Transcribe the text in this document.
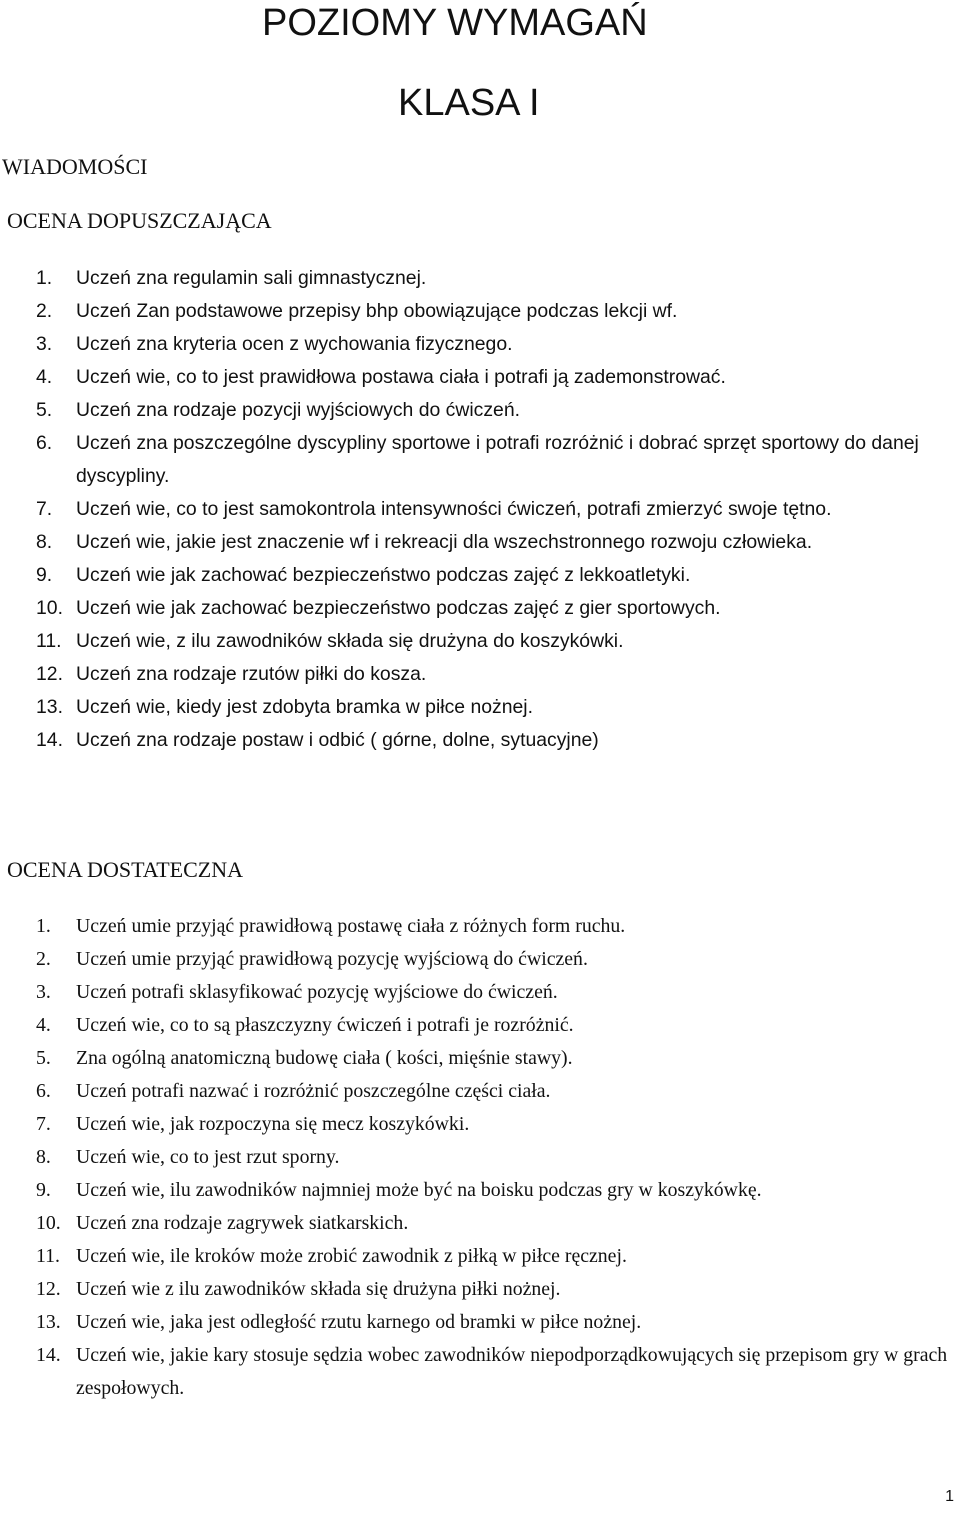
POZIOMY WYMAGAŃ
KLASA I
WIADOMOŚCI
OCENA DOPUSZCZAJĄCA
1.	Uczeń zna regulamin sali gimnastycznej.
2.	Uczeń Zan podstawowe przepisy bhp obowiązujące podczas lekcji wf.
3.	Uczeń zna kryteria ocen z wychowania fizycznego.
4.	Uczeń wie, co to jest prawidłowa postawa ciała i potrafi ją zademonstrować.
5.	Uczeń zna rodzaje pozycji wyjściowych do ćwiczeń.
6.	Uczeń zna poszczególne dyscypliny sportowe i potrafi rozróżnić i dobrać sprzęt sportowy do danej dyscypliny.
7.	Uczeń wie, co to jest samokontrola intensywności ćwiczeń, potrafi zmierzyć swoje tętno.
8.	Uczeń wie, jakie jest znaczenie wf i rekreacji dla wszechstronnego rozwoju człowieka.
9.	Uczeń wie jak zachować bezpieczeństwo podczas zajęć z lekkoatletyki.
10. Uczeń wie jak zachować bezpieczeństwo podczas zajęć z gier sportowych.
11. Uczeń wie, z ilu zawodników składa się drużyna do koszykówki.
12. Uczeń zna rodzaje rzutów piłki do kosza.
13. Uczeń wie, kiedy jest zdobyta bramka w piłce nożnej.
14. Uczeń zna rodzaje postaw i odbić ( górne, dolne, sytuacyjne)
OCENA DOSTATECZNA
1.	Uczeń umie przyjąć prawidłową postawę ciała z różnych form ruchu.
2.	Uczeń umie przyjąć prawidłową pozycję wyjściową do ćwiczeń.
3.	Uczeń potrafi sklasyfikować pozycję wyjściowe do ćwiczeń.
4.	Uczeń wie, co to są płaszczyzny ćwiczeń i potrafi je rozróżnić.
5.	Zna ogólną anatomiczną budowę ciała ( kości, mięśnie stawy).
6.	Uczeń potrafi nazwać i rozróżnić poszczególne części ciała.
7.	Uczeń wie, jak rozpoczyna się mecz koszykówki.
8.	Uczeń wie, co to jest rzut sporny.
9.	Uczeń wie, ilu zawodników najmniej może być na boisku podczas gry w koszykówkę.
10. Uczeń zna rodzaje zagrywek siatkarskich.
11. Uczeń wie, ile kroków może zrobić zawodnik z piłką w piłce ręcznej.
12. Uczeń wie z ilu zawodników składa się drużyna piłki nożnej.
13. Uczeń wie, jaka jest odległość rzutu karnego od bramki w piłce nożnej.
14. Uczeń wie, jakie kary stosuje sędzia wobec zawodników niepodporządkowujących się przepisom gry w grach zespołowych.
1
